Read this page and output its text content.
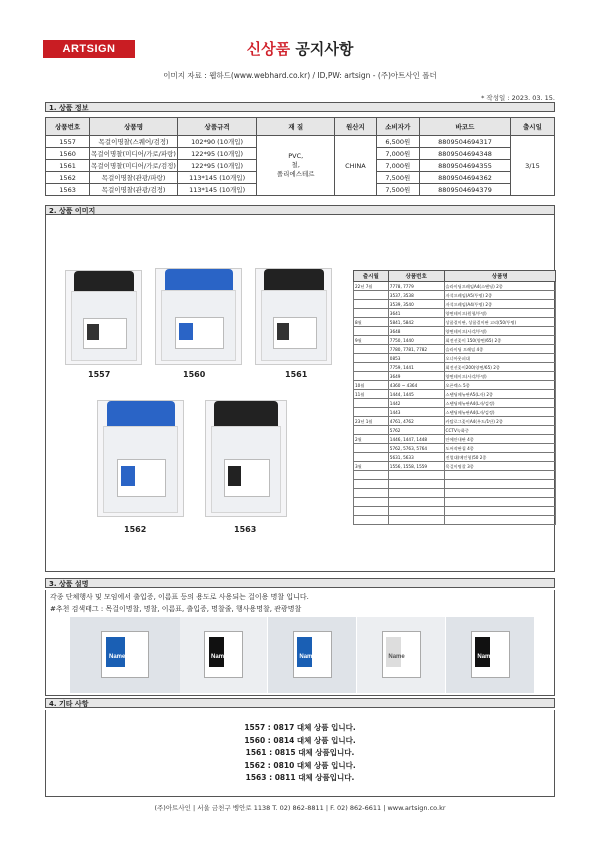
ARTSIGN	신상품 공지사항
이미지 자료 : 웹하드(www.webhard.co.kr) / ID,PW: artsign - (주)아트사인 폴더
* 작성일 : 2023. 03. 15.
1. 상품 정보
상품번호	상품명	상품규격	재 질	원산지	소비자가	바코드	출시일
1557	목걸이명찰(스퀘어/검정)	102*90 (10개입)	PVC,
철,
폴리에스테르	CHINA	6,500원	8809504694317	3/15
1560	목걸이명찰(미디어/가로/파랑)	122*95 (10개입)			7,000원	8809504694348	
1561	목걸이명찰(미디어/가로/검정)	122*95 (10개입)			7,000원	8809504694355	
1562	목걸이명찰(관광/파랑)	113*145 (10개입)			7,500원	8809504694362	
1563	목걸이명찰(관광/검정)	113*145 (10개입)			7,500원	8809504694379	
2. 상품 이미지
1557	1560	1561
1562	1563
출시월	상품번호	상품명
22년 7월	7778, 7779	슬라이딩프레임A4(스탠딩) 2종
	3537, 3538	자석프레임(A5/투명) 2종
	3539, 3540	자석프레임(A4/투명) 2종
	3641	양면테이프(원형/투명)
8월	5841, 5842	상품결이판, 상품결이판 고리(50/투명)
	3648	양면테이프(사각/투명)
9월	7750, 1440	회전선꽂이 150(양면/65) 2종
	7780, 7781, 7782	슬라이딩 프레임 4종
	0853	오너아웃퍼대
	7759, 1441	회전선꽂이200(양면/65) 2종
	3649	양면테이프(사각/투명)
10월	4360 ~ 4364	오픈렉스 5종
11월	1444, 1445	스탠딩메뉴판A5(L자) 2종
	1442	스탠딩메뉴판A4(L자/검정)
	1443	스탠딩메뉴판A4(L자/검정)
23년 1월	4761, 4762	카탈로그꽂이A4(우드/1단) 2종
	5762	CCTV녹화중
2월	1446, 1447, 1448	안에안내판 4종
	5762, 5763, 5764	도어작판칩 4종
	5631, 5633	진열대(메인형)50 2종
3월	1556, 1558, 1559	목걸이명찰 3종

3. 상품 설명
각종 단체행사 및 모임에서 출입증, 이름표 등의 용도로 사용되는 걸이용 명찰 입니다.
#추천 검색태그 : 목걸이명찰, 명찰, 이름표, 출입증, 명찰줄, 행사용명찰, 관광명찰
Name	Name	Name	Name	Name
4. 기타 사항
1557 : 0817 대체 상품 입니다.
1560 : 0814 대체 상품 입니다.
1561 : 0815 대체 상품입니다.
1562 : 0810 대체 상품 입니다.
1563 : 0811 대체 상품입니다.
(주)아트사인 | 서울 금천구 벵안로 1138 T. 02) 862-8811 | F. 02) 862-6611 | www.artsign.co.kr
